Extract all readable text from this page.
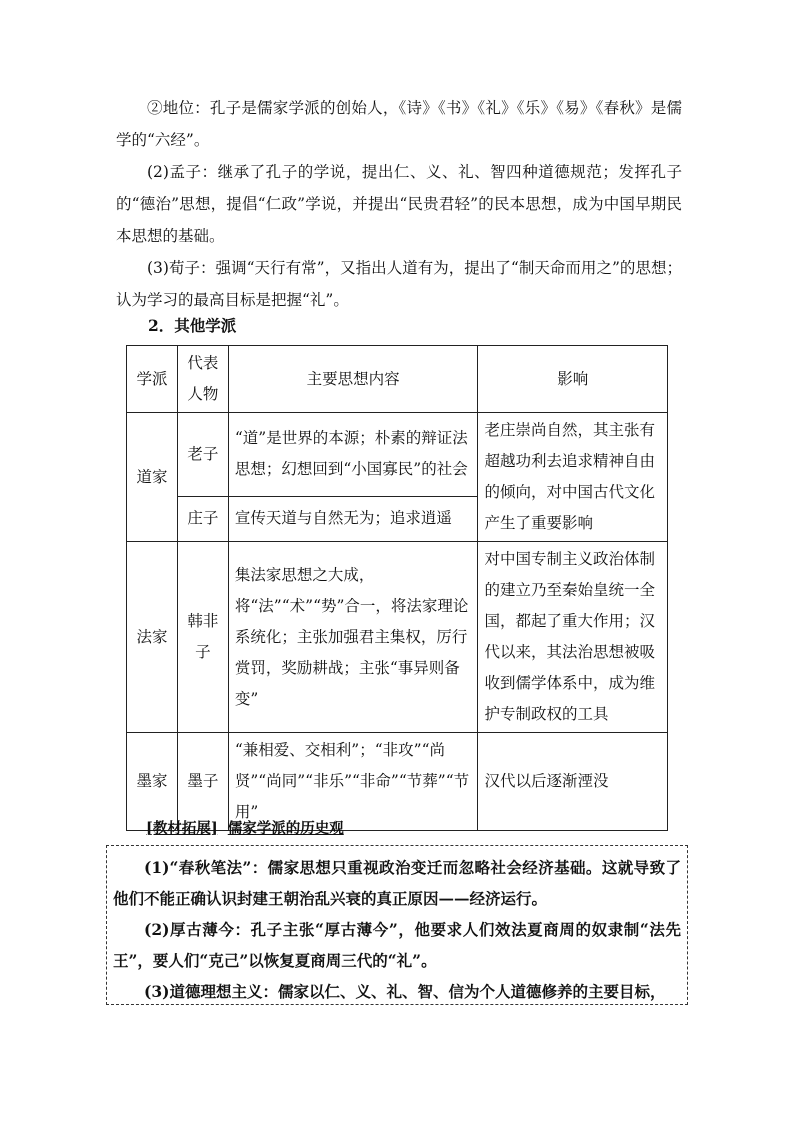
②地位：孔子是儒家学派的创始人，《诗》《书》《礼》《乐》《易》《春秋》是儒学的“六经”。

(2)孟子：继承了孔子的学说，提出仁、义、礼、智四种道德规范；发挥孔子的“德治”思想，提倡“仁政”学说，并提出“民贵君轻”的民本思想，成为中国早期民本思想的基础。

(3)荀子：强调“天行有常”，又指出人道有为，提出了“制天命而用之”的思想；认为学习的最高目标是把握“礼”。

2．其他学派

学派	代表人物	主要思想内容	影响
道家	老子	“道”是世界的本源；朴素的辩证法思想；幻想回到“小国寡民”的社会	老庄崇尚自然，其主张有超越功利去追求精神自由的倾向，对中国古代文化产生了重要影响
	庄子	宣传天道与自然无为；追求逍遥	
法家	韩非子	集法家思想之大成，将“法”“术”“势”合一，将法家理论系统化；主张加强君主集权，厉行赏罚，奖励耕战；主张“事异则备变”	对中国专制主义政治体制的建立乃至秦始皇统一全国，都起了重大作用；汉代以来，其法治思想被吸收到儒学体系中，成为维护专制政权的工具
墨家	墨子	“兼相爱、交相利”；“非攻”“尚贤”“尚同”“非乐”“非命”“节葬”“节用”	汉代以后逐渐湮没
[教材拓展] 儒家学派的历史观

(1)“春秋笔法”：儒家思想只重视政治变迁而忽略社会经济基础。这就导致了他们不能正确认识封建王朝治乱兴衰的真正原因——经济运行。

(2)厚古薄今：孔子主张“厚古薄今”，他要求人们效法夏商周的奴隶制“法先王”，要人们“克己”以恢复夏商周三代的“礼”。

(3)道德理想主义：儒家以仁、义、礼、智、信为个人道德修养的主要目标，
